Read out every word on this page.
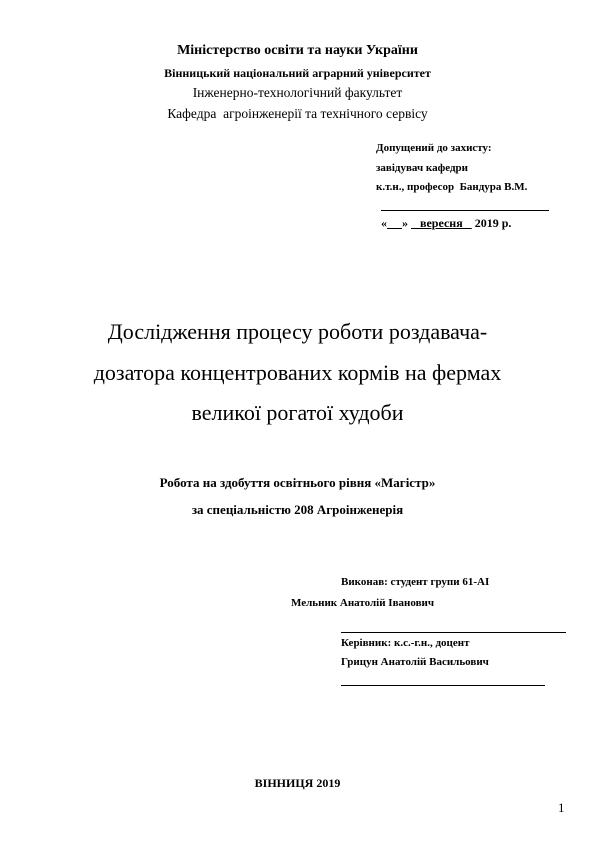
Міністерство освіти та науки України
Вінницький національний аграрний університет
Інженерно-технологічний факультет
Кафедра  агроінженерії та технічного сервісу
Допущений до захисту:
завідувач кафедри
к.т.н., професор  Бандура В.М.
« »    вересня    2019 р.
Дослідження процесу роботи роздавача-
дозатора концентрованих кормів на фермах
великої рогатої худоби
Робота на здобуття освітнього рівня «Магістр»
за спеціальністю 208 Агроінженерія
Виконав: студент групи 61-АІ
Мельник Анатолій Іванович
Керівник: к.с.-г.н., доцент
Грицун Анатолій Васильович
ВІННИЦЯ 2019
1
